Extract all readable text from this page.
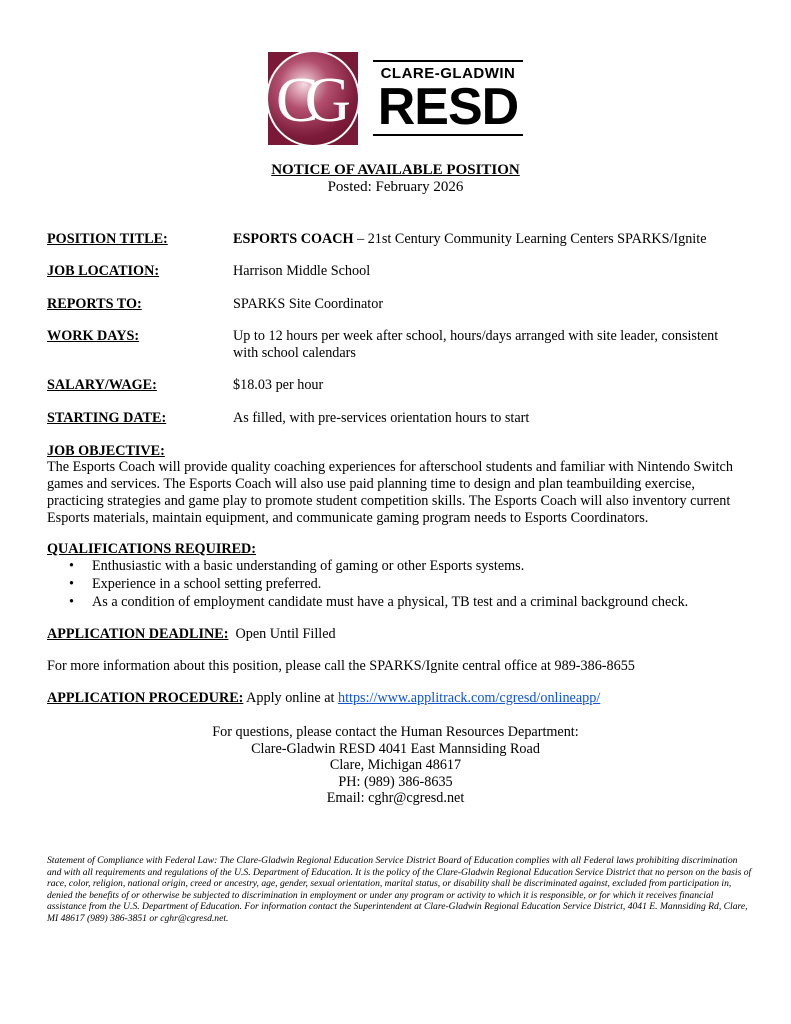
CG	CLARE-GLADWIN
RESD
NOTICE OF AVAILABLE POSITION
Posted: February 2026
POSITION TITLE:	ESPORTS COACH – 21st Century Community Learning Centers SPARKS/Ignite
JOB LOCATION:	Harrison Middle School
REPORTS TO:	SPARKS Site Coordinator
WORK DAYS:	Up to 12 hours per week after school, hours/days arranged with site leader, consistent with school calendars
SALARY/WAGE:	$18.03 per hour
STARTING DATE:	As filled, with pre-services orientation hours to start
JOB OBJECTIVE:
The Esports Coach will provide quality coaching experiences for afterschool students and familiar with Nintendo Switch games and services. The Esports Coach will also use paid planning time to design and plan teambuilding exercise, practicing strategies and game play to promote student competition skills. The Esports Coach will also inventory current Esports materials, maintain equipment, and communicate gaming program needs to Esports Coordinators.
QUALIFICATIONS REQUIRED:
• Enthusiastic with a basic understanding of gaming or other Esports systems.
• Experience in a school setting preferred.
• As a condition of employment candidate must have a physical, TB test and a criminal background check.
APPLICATION DEADLINE: Open Until Filled
For more information about this position, please call the SPARKS/Ignite central office at 989-386-8655
APPLICATION PROCEDURE: Apply online at https://www.applitrack.com/cgresd/onlineapp/
For questions, please contact the Human Resources Department:
Clare-Gladwin RESD 4041 East Mannsiding Road
Clare, Michigan 48617
PH: (989) 386-8635
Email: cghr@cgresd.net
Statement of Compliance with Federal Law: The Clare-Gladwin Regional Education Service District Board of Education complies with all Federal laws prohibiting discrimination and with all requirements and regulations of the U.S. Department of Education. It is the policy of the Clare-Gladwin Regional Education Service District that no person on the basis of race, color, religion, national origin, creed or ancestry, age, gender, sexual orientation, marital status, or disability shall be discriminated against, excluded from participation in, denied the benefits of or otherwise be subjected to discrimination in employment or under any program or activity to which it is responsible, or for which it receives financial assistance from the U.S. Department of Education. For information contact the Superintendent at Clare-Gladwin Regional Education Service District, 4041 E. Mannsiding Rd, Clare, MI 48617 (989) 386-3851 or cghr@cgresd.net.
